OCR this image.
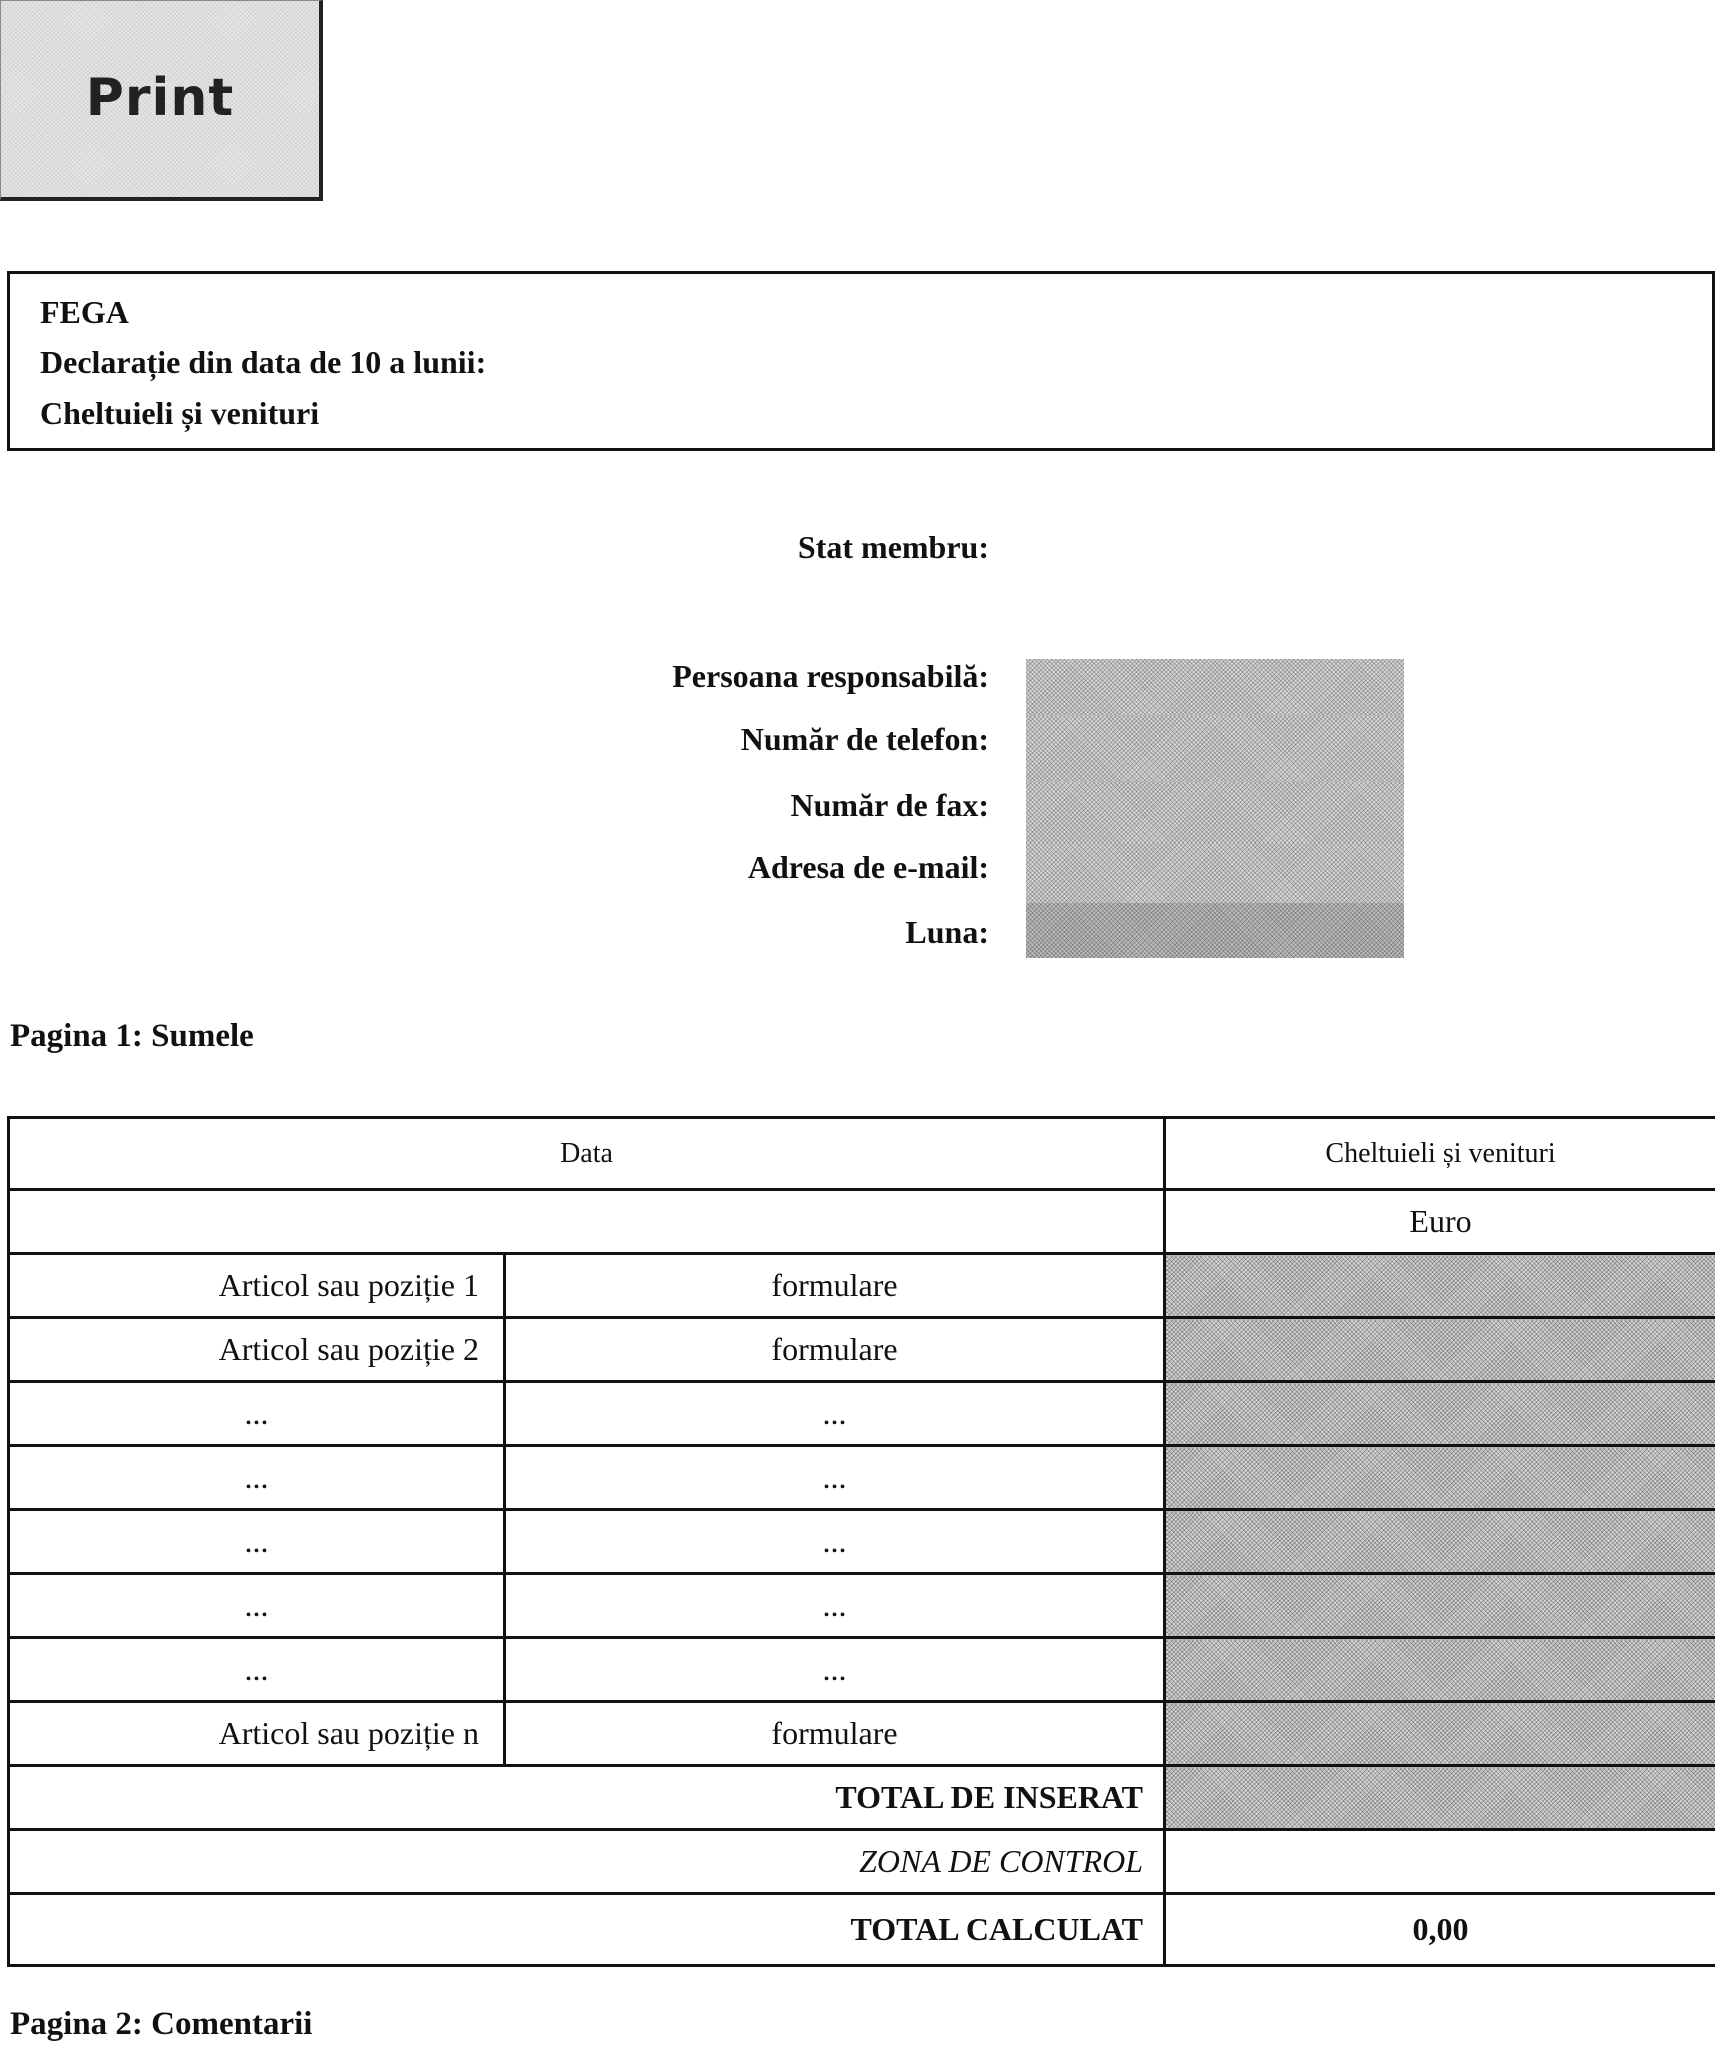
Print
FEGA
Declarație din data de 10 a lunii:
Cheltuieli și venituri
Stat membru:
Persoana responsabilă:
Număr de telefon:
Număr de fax:
Adresa de e-mail:
Luna:
Pagina 1: Sumele
Data		Cheltuieli și venituri
		Euro
Articol sau poziție 1	formulare	
Articol sau poziție 2	formulare	
...	...	
...	...	
...	...	
...	...	
...	...	
Articol sau poziție n	formulare	
TOTAL DE INSERAT		
ZONA DE CONTROL		
TOTAL CALCULAT		0,00
Pagina 2: Comentarii
